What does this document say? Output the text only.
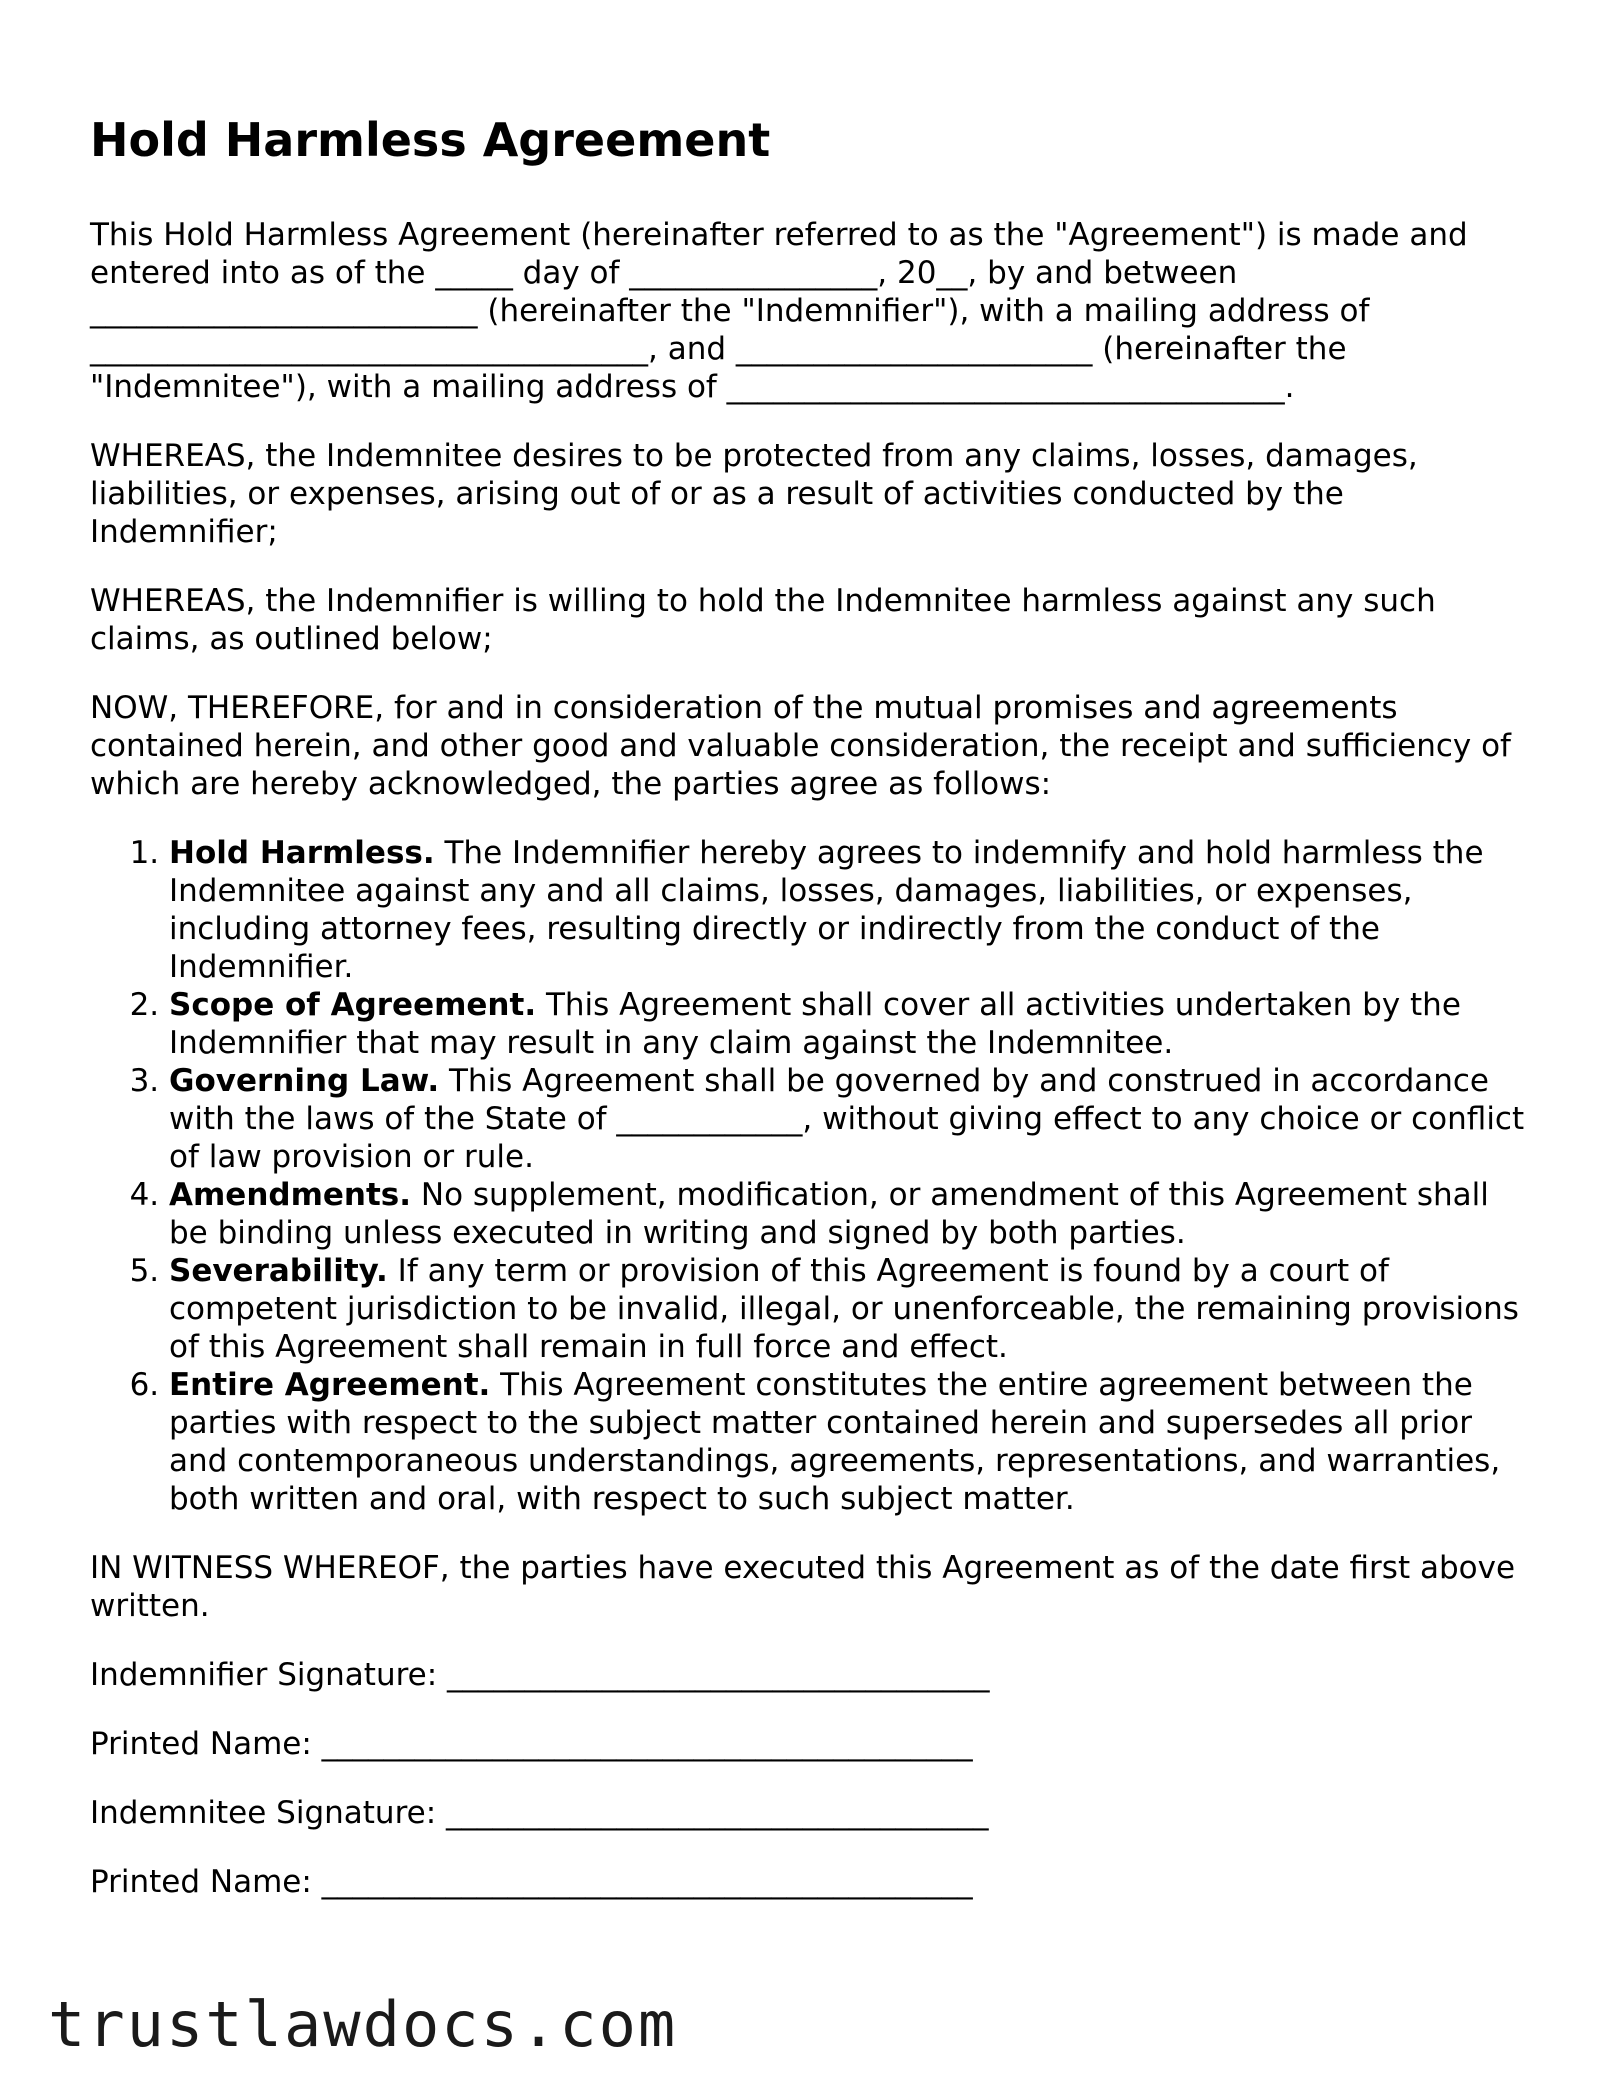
Hold Harmless Agreement

This Hold Harmless Agreement (hereinafter referred to as the "Agreement") is made and entered into as of the _____ day of ________________, 20__, by and between _________________________ (hereinafter the "Indemnifier"), with a mailing address of ____________________________________, and _______________________ (hereinafter the "Indemnitee"), with a mailing address of ____________________________________.

WHEREAS, the Indemnitee desires to be protected from any claims, losses, damages, liabilities, or expenses, arising out of or as a result of activities conducted by the Indemnifier;

WHEREAS, the Indemnifier is willing to hold the Indemnitee harmless against any such claims, as outlined below;

NOW, THEREFORE, for and in consideration of the mutual promises and agreements contained herein, and other good and valuable consideration, the receipt and sufficiency of which are hereby acknowledged, the parties agree as follows:

1. Hold Harmless. The Indemnifier hereby agrees to indemnify and hold harmless the Indemnitee against any and all claims, losses, damages, liabilities, or expenses, including attorney fees, resulting directly or indirectly from the conduct of the Indemnifier.
2. Scope of Agreement. This Agreement shall cover all activities undertaken by the Indemnifier that may result in any claim against the Indemnitee.
3. Governing Law. This Agreement shall be governed by and construed in accordance with the laws of the State of ____________, without giving effect to any choice or conflict of law provision or rule.
4. Amendments. No supplement, modification, or amendment of this Agreement shall be binding unless executed in writing and signed by both parties.
5. Severability. If any term or provision of this Agreement is found by a court of competent jurisdiction to be invalid, illegal, or unenforceable, the remaining provisions of this Agreement shall remain in full force and effect.
6. Entire Agreement. This Agreement constitutes the entire agreement between the parties with respect to the subject matter contained herein and supersedes all prior and contemporaneous understandings, agreements, representations, and warranties, both written and oral, with respect to such subject matter.

IN WITNESS WHEREOF, the parties have executed this Agreement as of the date first above written.

Indemnifier Signature: ___________________________________
Printed Name: __________________________________________
Indemnitee Signature: ___________________________________
Printed Name: __________________________________________
trustlawdocs.com
